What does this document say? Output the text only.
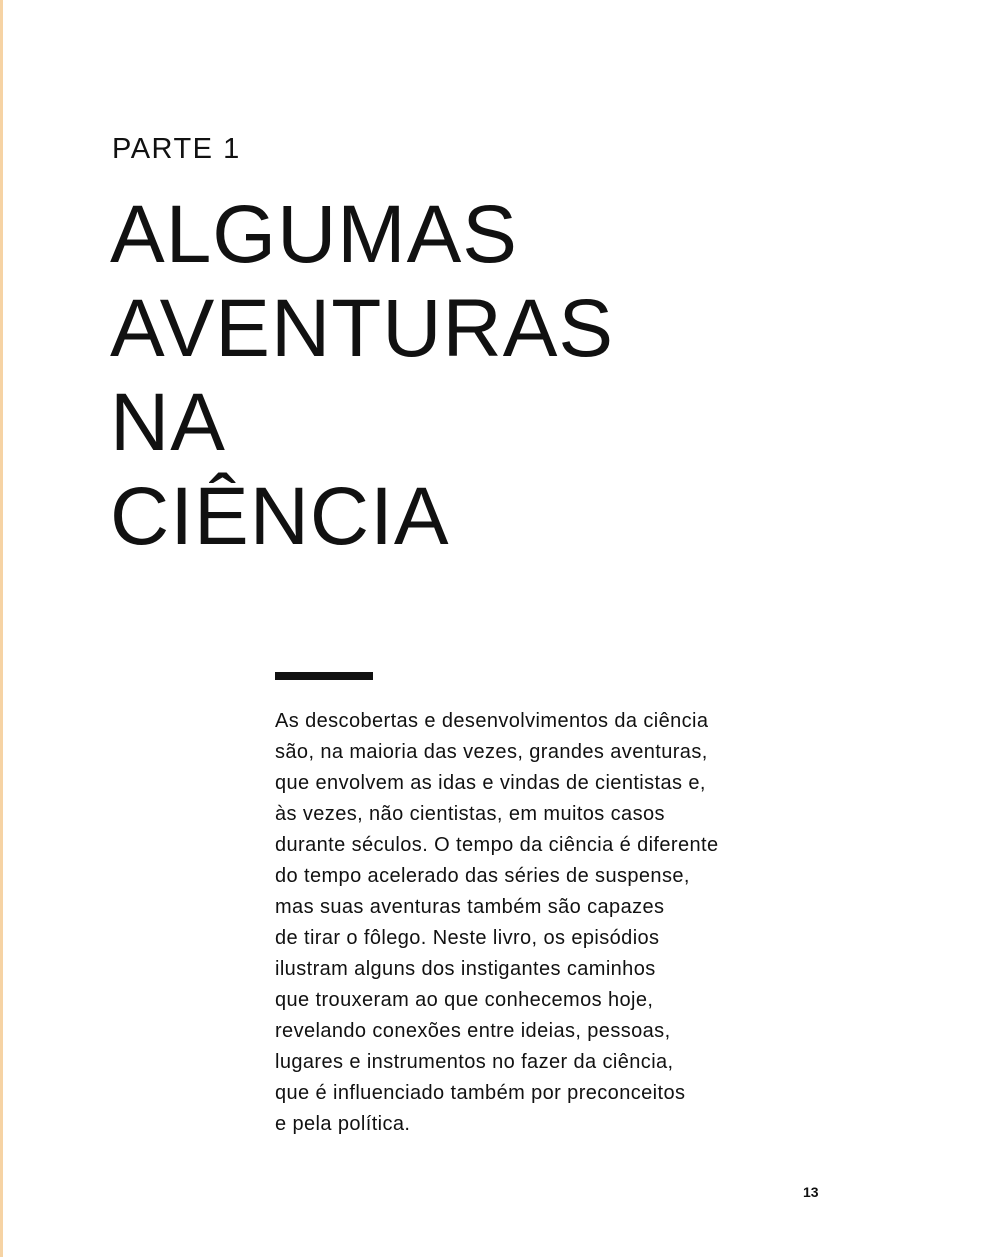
PARTE 1
ALGUMAS
AVENTURAS
NA
CIÊNCIA

As descobertas e desenvolvimentos da ciência
são, na maioria das vezes, grandes aventuras,
que envolvem as idas e vindas de cientistas e,
às vezes, não cientistas, em muitos casos
durante séculos. O tempo da ciência é diferente
do tempo acelerado das séries de suspense,
mas suas aventuras também são capazes
de tirar o fôlego. Neste livro, os episódios
ilustram alguns dos instigantes caminhos
que trouxeram ao que conhecemos hoje,
revelando conexões entre ideias, pessoas,
lugares e instrumentos no fazer da ciência,
que é influenciado também por preconceitos
e pela política.

13
